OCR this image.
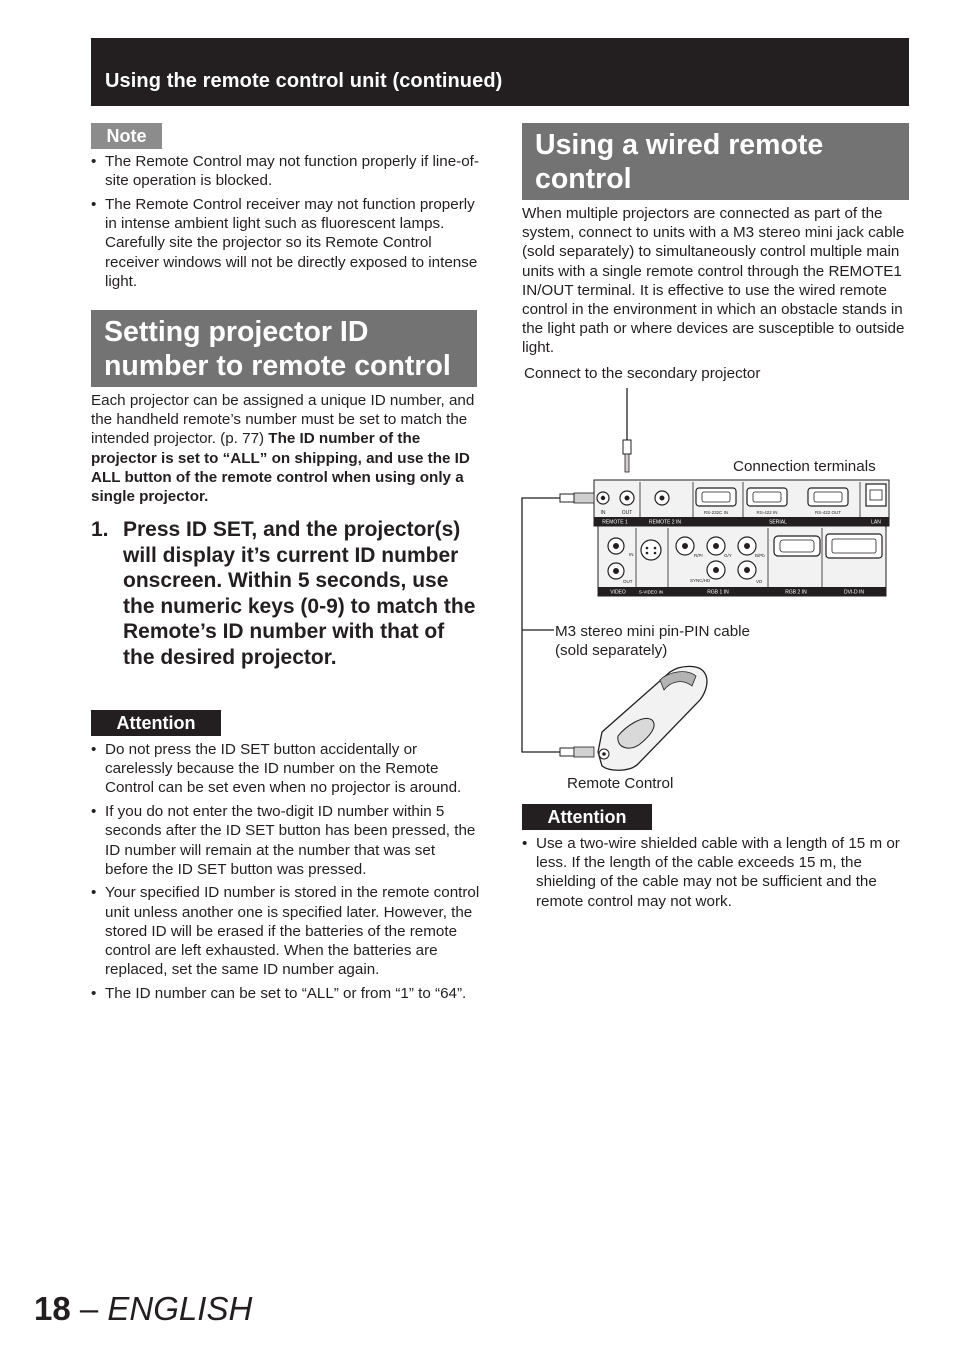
Using the remote control unit (continued)
Note
• The Remote Control may not function properly if line-of-site operation is blocked.
• The Remote Control receiver may not function properly in intense ambient light such as fluorescent lamps. Carefully site the projector so its Remote Control receiver windows will not be directly exposed to intense light.
Setting projector ID number to remote control

Each projector can be assigned a unique ID number, and the handheld remote’s number must be set to match the intended projector. (p. 77) The ID number of the projector is set to “ALL” on shipping, and use the ID ALL button of the remote control when using only a single projector.

1. Press ID SET, and the projector(s) will display it’s current ID number onscreen. Within 5 seconds, use the numeric keys (0-9) to match the Remote’s ID number with that of the desired projector.
Attention
• Do not press the ID SET button accidentally or carelessly because the ID number on the Remote Control can be set even when no projector is around.
• If you do not enter the two-digit ID number within 5 seconds after the ID SET button has been pressed, the ID number will remain at the number that was set before the ID SET button was pressed.
• Your specified ID number is stored in the remote control unit unless another one is specified later. However, the stored ID will be erased if the batteries of the remote control are left exhausted. When the batteries are replaced, set the same ID number again.
• The ID number can be set to “ALL” or from “1” to “64”.
Using a wired remote control

When multiple projectors are connected as part of the system, connect to units with a M3 stereo mini jack cable (sold separately) to simultaneously control multiple main units with a single remote control through the REMOTE1 IN/OUT terminal. It is effective to use the wired remote control in the environment in which an obstacle stands in the light path or where devices are susceptible to outside light.

Connect to the secondary projector
Connection terminals
M3 stereo mini pin-PIN cable
(sold separately)
Remote Control
IN	OUT
REMOTE 1	REMOTE 2 IN
RS-232C IN	RS-422 IN
SERIAL
RS-422 OUT
LAN
IN
OUT
VIDEO	S-VIDEO IN
R/Pr	G/Y	B/Pb
SYNC/HD	VD
RGB 1 IN	RGB 2 IN	DVI-D IN
Attention
• Use a two-wire shielded cable with a length of 15 m or less. If the length of the cable exceeds 15 m, the shielding of the cable may not be sufficient and the remote control may not work.
18 – ENGLISH
